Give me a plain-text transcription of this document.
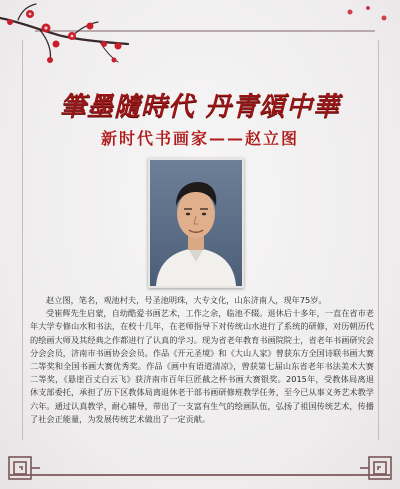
筆墨隨時代 丹青頌中華
新时代书画家——赵立图

赵立图，笔名，观池村夫，号圣池明珠，大专文化，山东济南人，现年75岁。

受崔辉先生启蒙，自幼酷爱书画艺术，工作之余，临池不辍。退休后十多年，一直在省市老年大学专修山水和书法，在校十几年，在老师指导下对传统山水进行了系统的研修，对历朝历代的绘画大师及其经典之作都进行了认真的学习。现为省老年教育书画院院士，省老年书画研究会分会会员，济南市书画协会会员。作品《开元圣境》和《大山人家》曾获东方全国诗联书画大赛二等奖和全国书画大赛优秀奖。作品《画中有语道清凉》，曾获第七届山东省老年书法美术大赛二等奖，《悬崖百丈白云飞》获济南市百年巨匠截之杯书画大赛银奖。2015年，受教体局离退休支部委托，承担了历下区教体局离退休老干部书画研修班教学任务，至今已从事义务艺术教学六年。通过认真教学，耐心辅导，带出了一支富有生气的绘画队伍，弘扬了祖国传统艺术，传播了社会正能量，为发展传统艺术做出了一定贡献。
